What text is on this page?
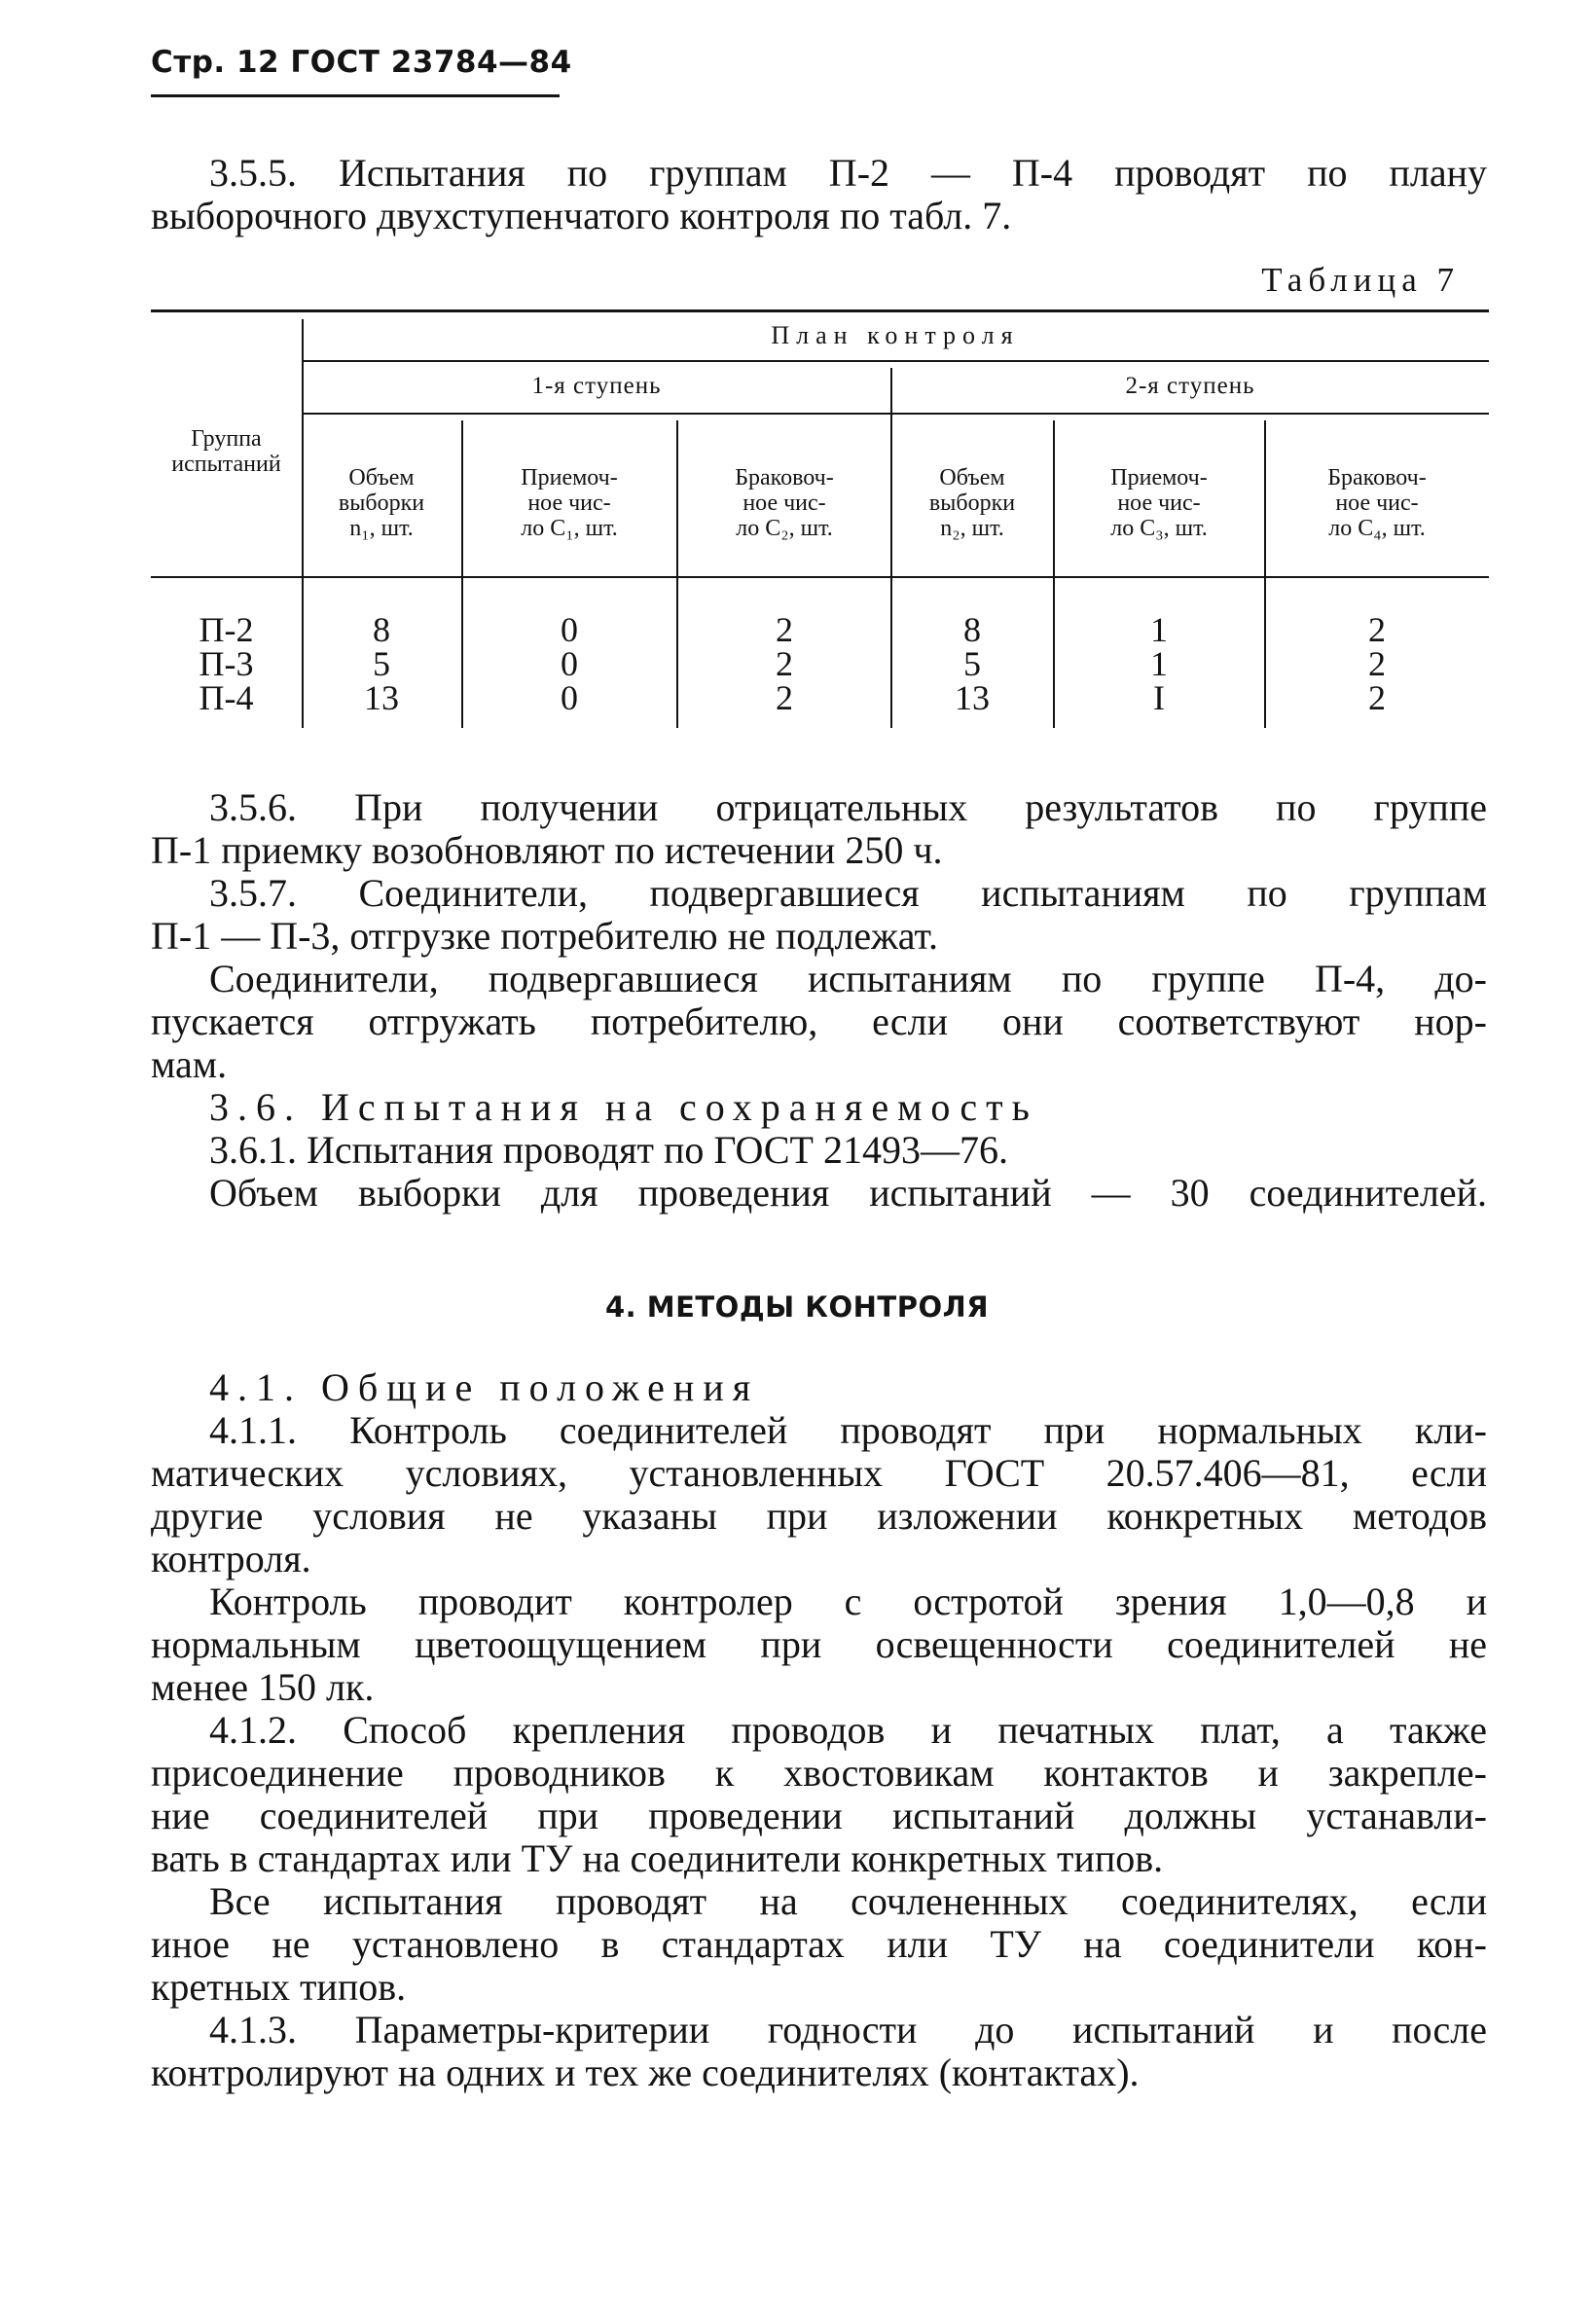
Стр. 12 ГОСТ 23784—84
3.5.5. Испытания по группам П-2 — П-4 проводят по плану
выборочного двухступенчатого контроля по табл. 7.
Таблица 7
План контроля
1-я ступень	2-я ступень
Группа испытаний
Объем
выборки
n₁, шт.
Приемоч-
ное чис-
ло C₁, шт.
Браковоч-
ное чис-
ло C₂, шт.
Объем
выборки
n₂, шт.
Приемоч-
ное чис-
ло C₃, шт.
Браковоч-
ное чис-
ло C₄, шт.
П-2
П-3
П-4
8
5
13
0
0
0
2
2
2
8
5
13
1
1
I
2
2
2
3.5.6. При получении отрицательных результатов по группе
П-1 приемку возобновляют по истечении 250 ч.
3.5.7. Соединители, подвергавшиеся испытаниям по группам
П-1 — П-3, отгрузке потребителю не подлежат.
Соединители, подвергавшиеся испытаниям по группе П-4, до-
пускается отгружать потребителю, если они соответствуют нор-
мам.
3.6. Испытания на сохраняемость
3.6.1. Испытания проводят по ГОСТ 21493—76.
Объем выборки для проведения испытаний — 30 соединителей.
4. МЕТОДЫ КОНТРОЛЯ
4.1. Общие положения
4.1.1. Контроль соединителей проводят при нормальных кли-
матических условиях, установленных ГОСТ 20.57.406—81, если
другие условия не указаны при изложении конкретных методов
контроля.
Контроль проводит контролер с остротой зрения 1,0—0,8 и
нормальным цветоощущением при освещенности соединителей не
менее 150 лк.
4.1.2. Способ крепления проводов и печатных плат, а также
присоединение проводников к хвостовикам контактов и закрепле-
ние соединителей при проведении испытаний должны устанавли-
вать в стандартах или ТУ на соединители конкретных типов.
Все испытания проводят на сочлененных соединителях, если
иное не установлено в стандартах или ТУ на соединители кон-
кретных типов.
4.1.3. Параметры-критерии годности до испытаний и после
контролируют на одних и тех же соединителях (контактах).
